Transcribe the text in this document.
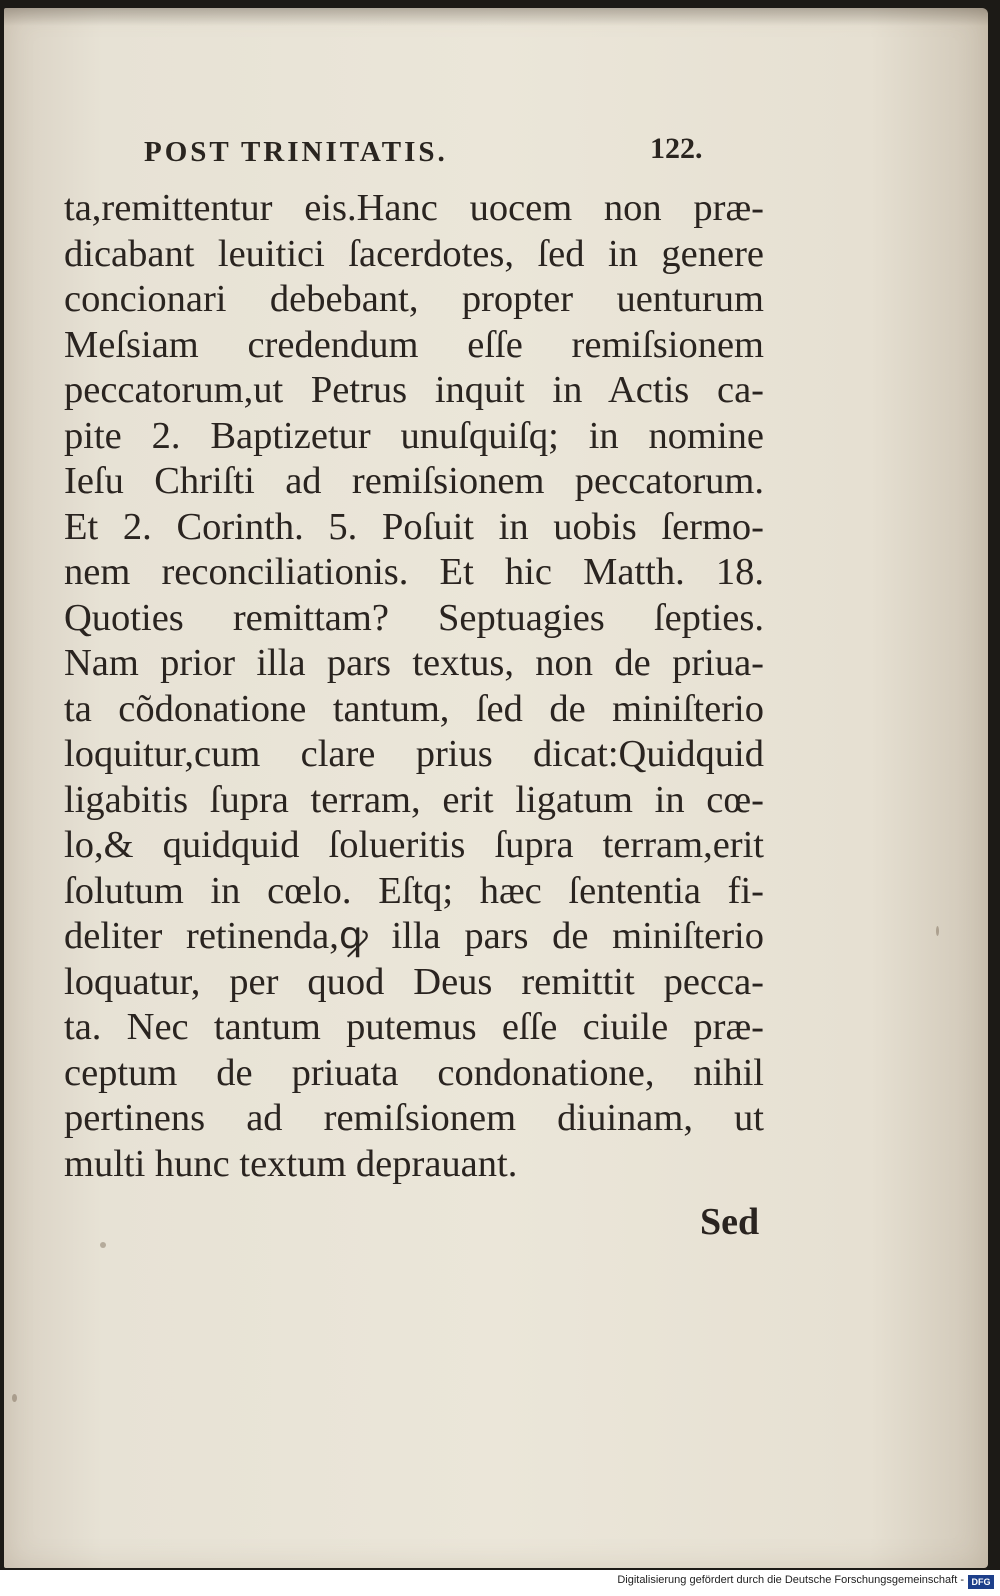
POST TRINITATIS.	122.
ta,remittentur eis.Hanc uocem non præ-
dicabant leuitici ſacerdotes, ſed in genere
concionari debebant, propter uenturum
Meſsiam credendum eſſe remiſsionem
peccatorum,ut Petrus inquit in Actis ca-
pite 2. Baptizetur unuſquiſq; in nomine
Ieſu Chriſti ad remiſsionem peccatorum.
Et 2. Corinth. 5. Poſuit in uobis ſermo-
nem reconciliationis. Et hic Matth. 18.
Quoties remittam? Septuagies ſepties.
Nam prior illa pars textus, non de priua-
ta cõdonatione tantum, ſed de miniſterio
loquitur,cum clare prius dicat:Quidquid
ligabitis ſupra terram, erit ligatum in cœ-
lo,& quidquid ſolueritis ſupra terram,erit
ſolutum in cœlo. Eſtq; hæc ſententia fi-
deliter retinenda,ꝙ illa pars de miniſterio
loquatur, per quod Deus remittit pecca-
ta. Nec tantum putemus eſſe ciuile præ-
ceptum de priuata condonatione, nihil
pertinens ad remiſsionem diuinam, ut
multi hunc textum deprauant.
Sed
Digitalisierung gefördert durch die Deutsche Forschungsgemeinschaft - DFG
